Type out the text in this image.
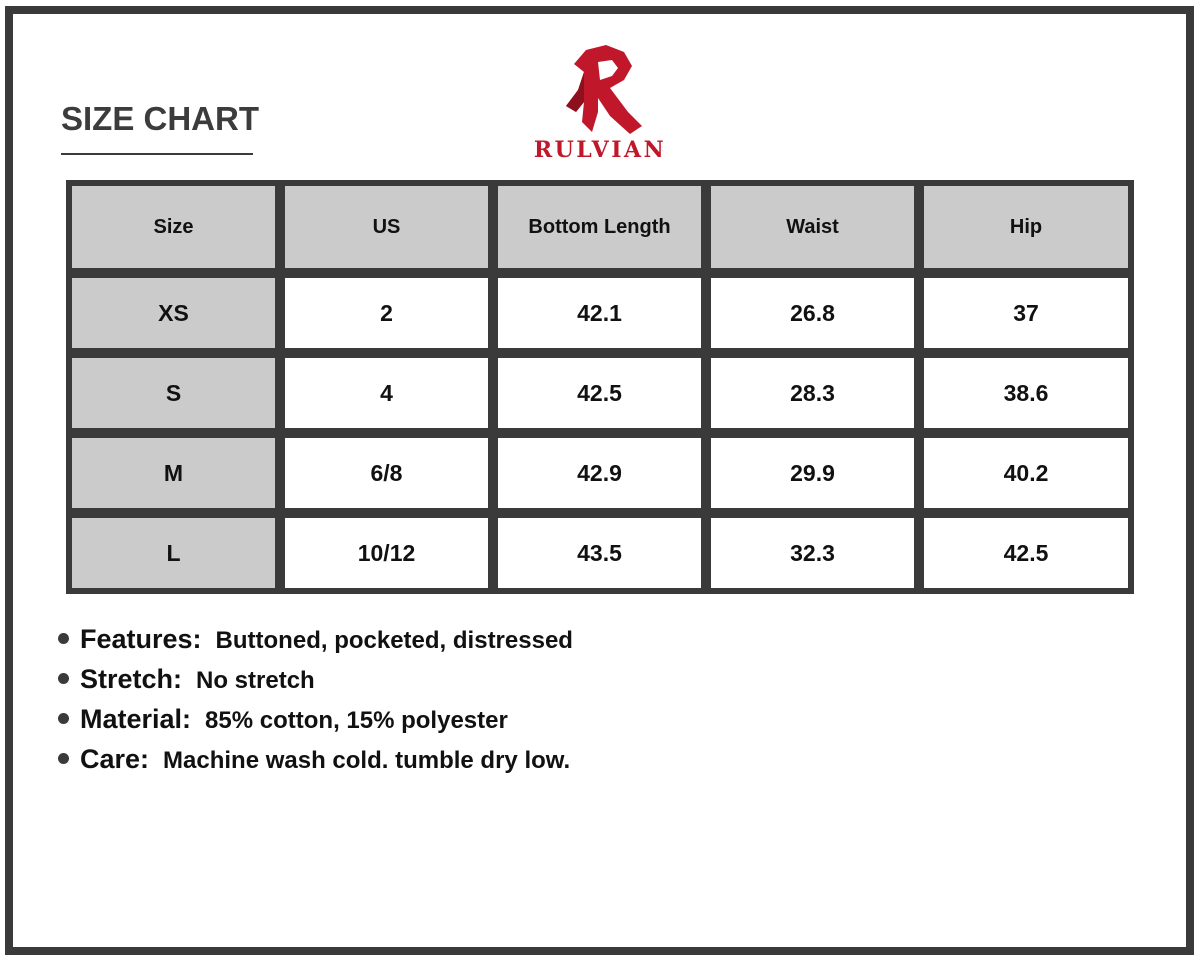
SIZE CHART
RULVIAN
Size	US	Bottom Length	Waist	Hip
XS	2	42.1	26.8	37
S	4	42.5	28.3	38.6
M	6/8	42.9	29.9	40.2
L	10/12	43.5	32.3	42.5
Features: Buttoned, pocketed, distressed
Stretch: No stretch
Material: 85% cotton, 15% polyester
Care: Machine wash cold. tumble dry low.
